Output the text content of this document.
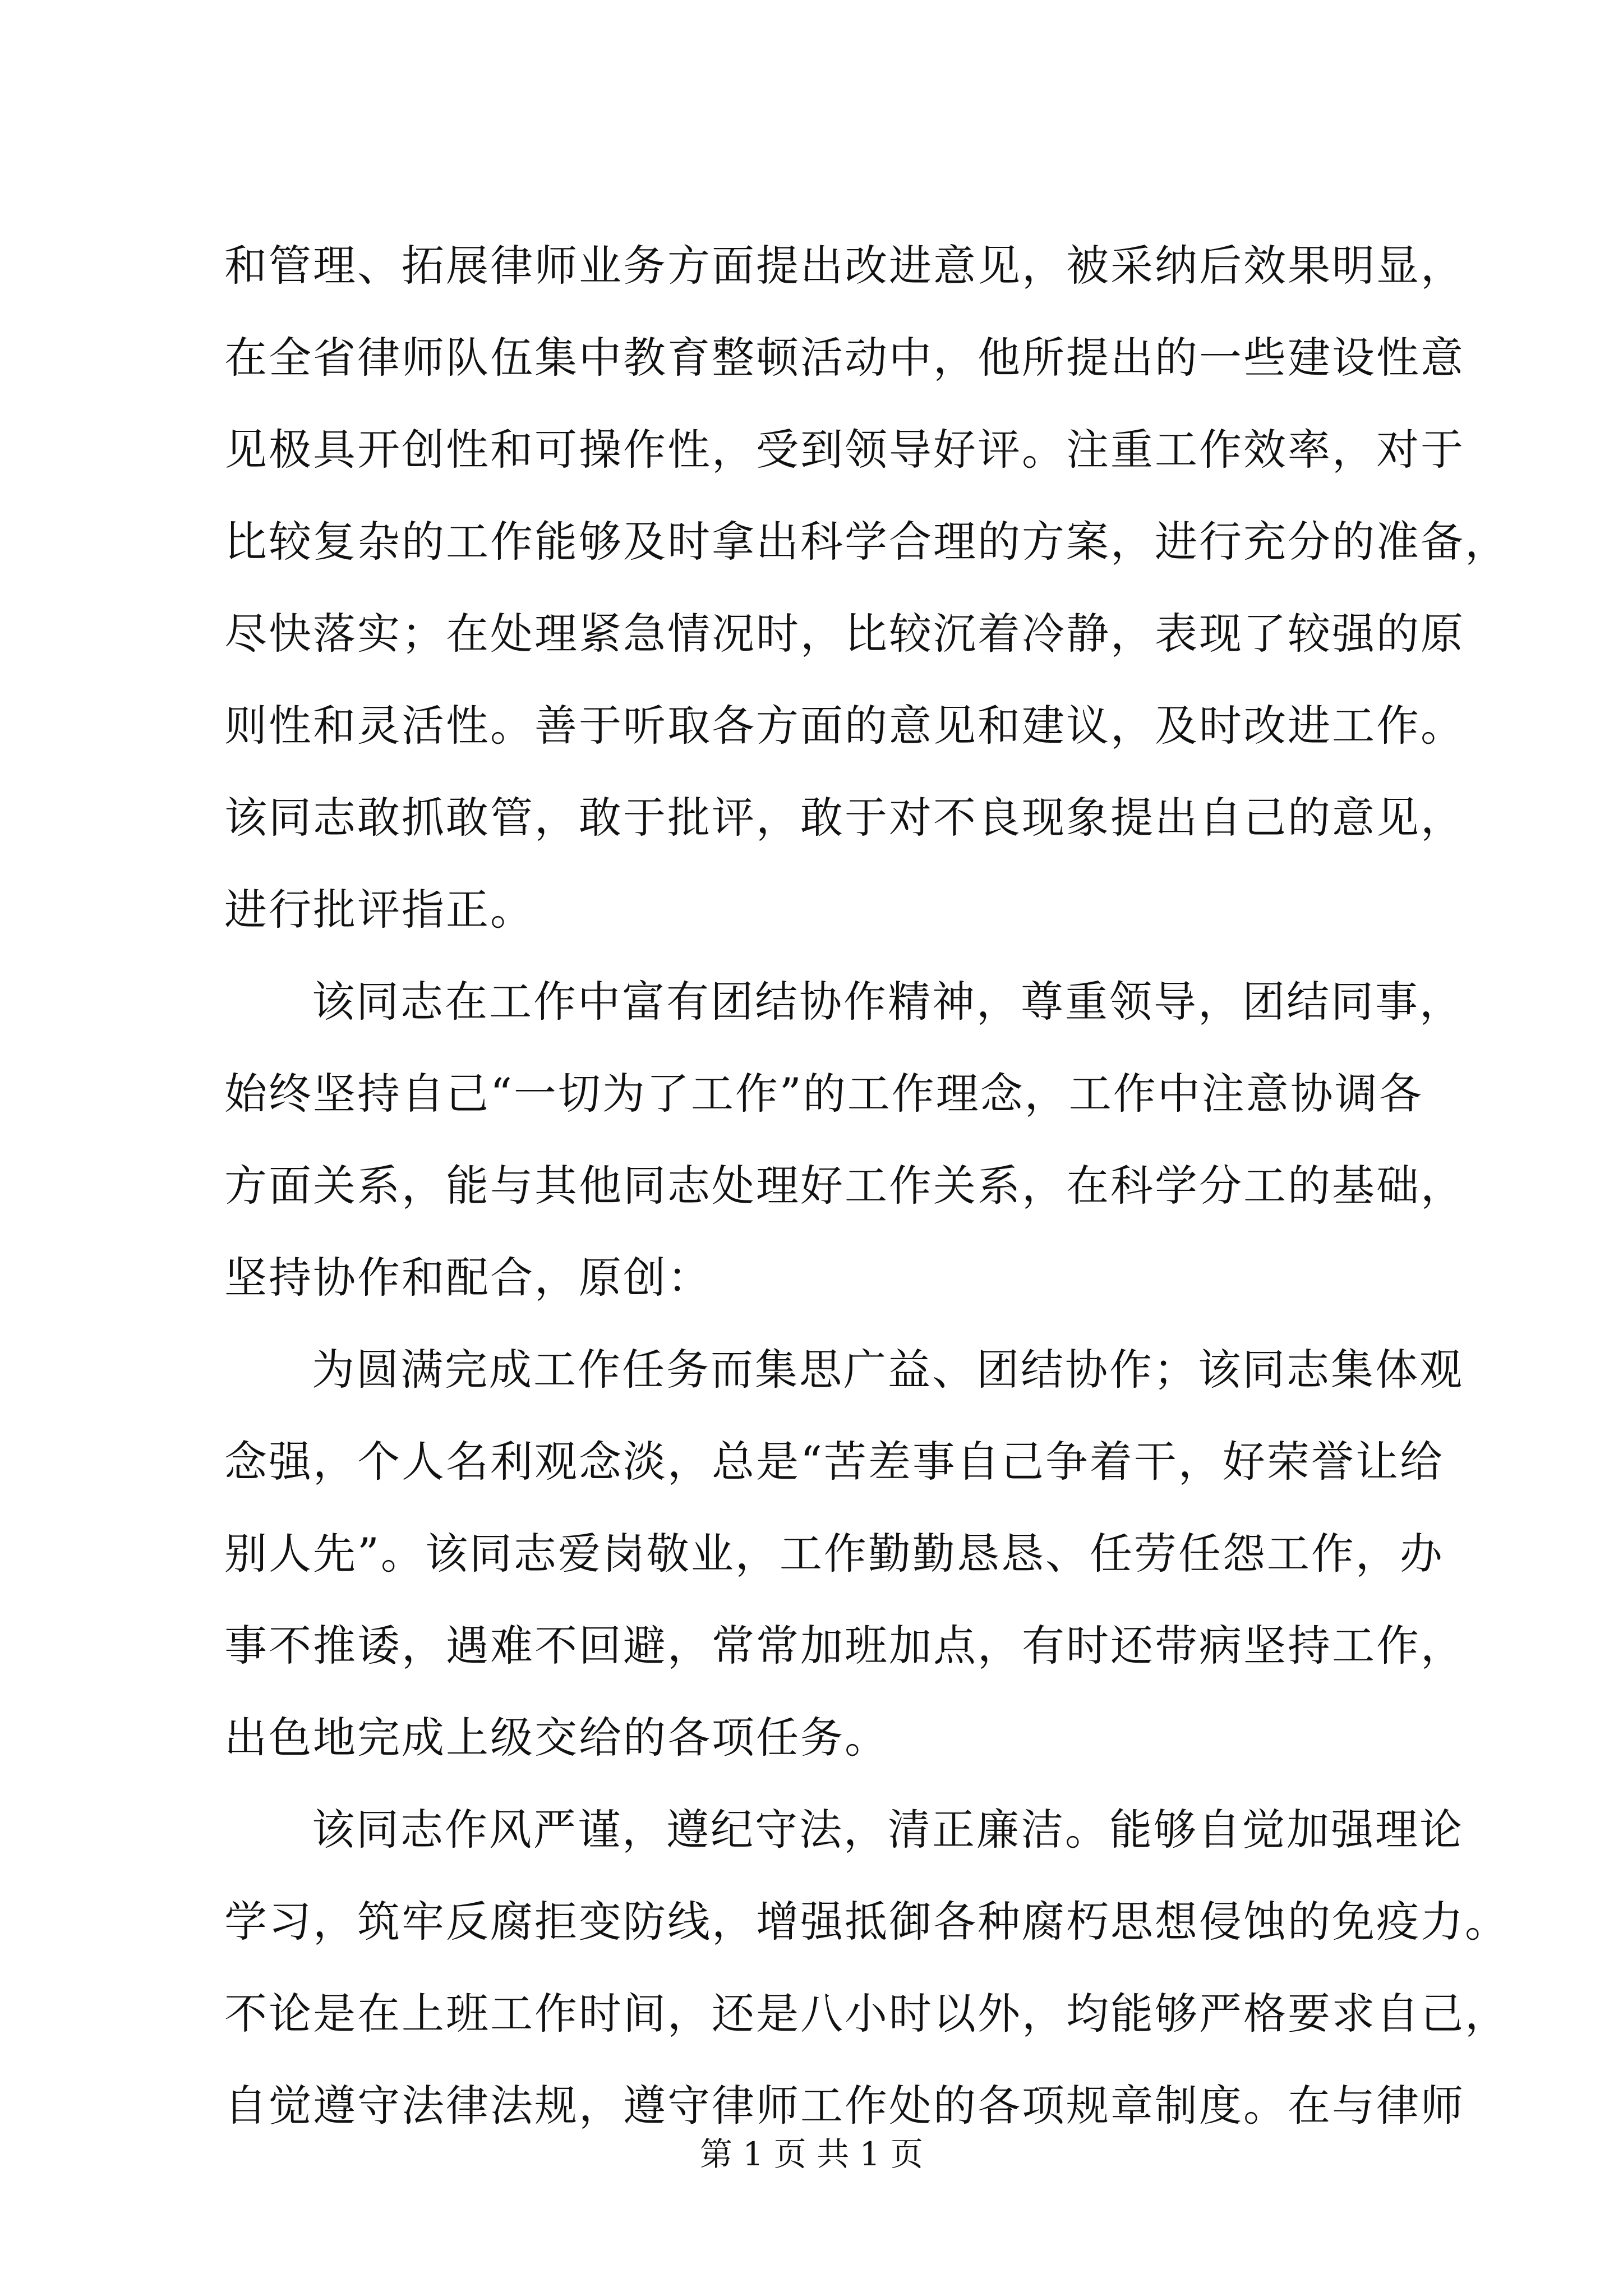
和管理、拓展律师业务方面提出改进意见，被采纳后效果明显，

在全省律师队伍集中教育整顿活动中，他所提出的一些建设性意

见极具开创性和可操作性，受到领导好评。注重工作效率，对于

比较复杂的工作能够及时拿出科学合理的方案，进行充分的准备，

尽快落实；在处理紧急情况时，比较沉着冷静，表现了较强的原

则性和灵活性。善于听取各方面的意见和建议，及时改进工作。

该同志敢抓敢管，敢于批评，敢于对不良现象提出自己的意见，

进行批评指正。

该同志在工作中富有团结协作精神，尊重领导，团结同事，

始终坚持自己“一切为了工作”的工作理念，工作中注意协调各

方面关系，能与其他同志处理好工作关系，在科学分工的基础，

坚持协作和配合，原创：

为圆满完成工作任务而集思广益、团结协作；该同志集体观

念强，个人名利观念淡，总是“苦差事自己争着干，好荣誉让给

别人先”。该同志爱岗敬业，工作勤勤恳恳、任劳任怨工作，办

事不推诿，遇难不回避，常常加班加点，有时还带病坚持工作，

出色地完成上级交给的各项任务。

该同志作风严谨，遵纪守法，清正廉洁。能够自觉加强理论

学习，筑牢反腐拒变防线，增强抵御各种腐朽思想侵蚀的免疫力。

不论是在上班工作时间，还是八小时以外，均能够严格要求自己，

自觉遵守法律法规，遵守律师工作处的各项规章制度。在与律师

第 1 页 共 1 页
